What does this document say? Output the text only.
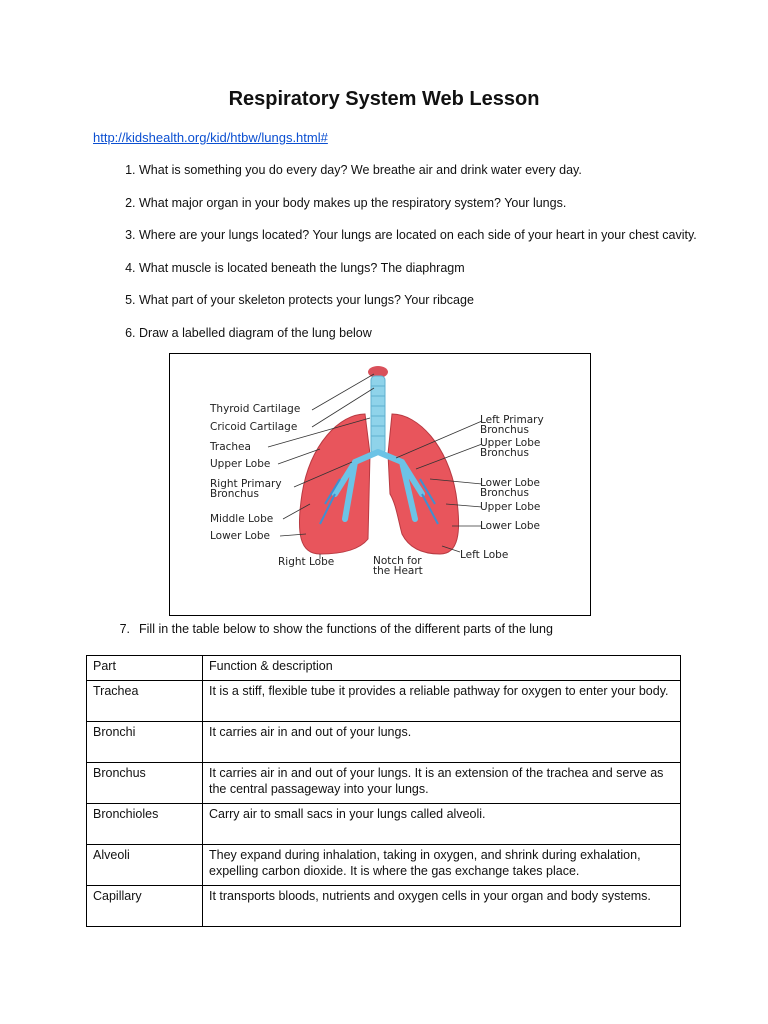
Respiratory System Web Lesson
http://kidshealth.org/kid/htbw/lungs.html#
1. What is something you do every day? We breathe air and drink water every day.
2. What major organ in your body makes up the respiratory system? Your lungs.
3. Where are your lungs located? Your lungs are located on each side of your heart in your chest cavity.
4. What muscle is located beneath the lungs? The diaphragm
5. What part of your skeleton protects your lungs? Your ribcage
6. Draw a labelled diagram of the lung below
Thyroid Cartilage
Cricoid Cartilage
Trachea
Upper Lobe
Right Primary
Bronchus
Middle Lobe
Lower Lobe
Right Lobe
Left Primary
Bronchus
Upper Lobe
Bronchus
Lower Lobe
Bronchus
Upper Lobe
Lower Lobe
Left Lobe
Notch for
the Heart
7. Fill in the table below to show the functions of the different parts of the lung
Part	Function & description
Trachea	It is a stiff, flexible tube it provides a reliable pathway for oxygen to enter your body.
Bronchi	It carries air in and out of your lungs.
Bronchus	It carries air in and out of your lungs. It is an extension of the trachea and serve as the central passageway into your lungs.
Bronchioles	Carry air to small sacs in your lungs called alveoli.
Alveoli	They expand during inhalation, taking in oxygen, and shrink during exhalation, expelling carbon dioxide. It is where the gas exchange takes place.
Capillary	It transports bloods, nutrients and oxygen cells in your organ and body systems.
